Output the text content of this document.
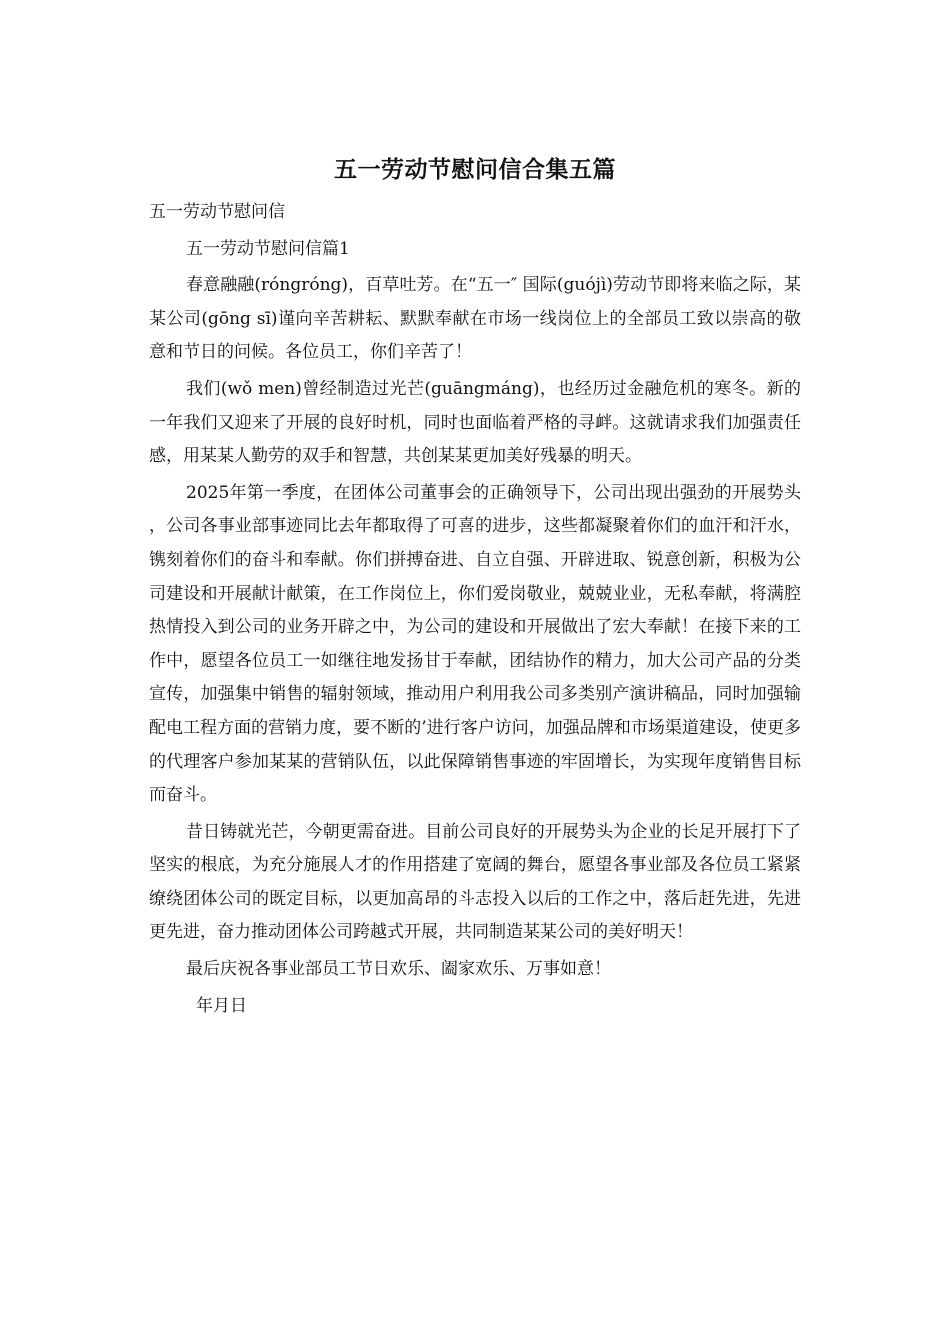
五一劳动节慰问信合集五篇

五一劳动节慰问信

五一劳动节慰问信篇1

春意融融(róngróng)，百草吐芳。在“五一″ 国际(guójì)劳动节即将来临之际，某某公司(gōng sī)谨向辛苦耕耘、默默奉献在市场一线岗位上的全部员工致以崇高的敬意和节日的问候。各位员工，你们辛苦了！

我们(wǒ men)曾经制造过光芒(guāngmáng)，也经历过金融危机的寒冬。新的一年我们又迎来了开展的良好时机，同时也面临着严格的寻衅。这就请求我们加强责任感，用某某人勤劳的双手和智慧，共创某某更加美好残暴的明天。

2025年第一季度，在团体公司董事会的正确领导下，公司出现出强劲的开展势头，公司各事业部事迹同比去年都取得了可喜的进步，这些都凝聚着你们的血汗和汗水，镌刻着你们的奋斗和奉献。你们拼搏奋进、自立自强、开辟进取、锐意创新，积极为公司建设和开展献计献策，在工作岗位上，你们爱岗敬业，兢兢业业，无私奉献，将满腔热情投入到公司的业务开辟之中，为公司的建设和开展做出了宏大奉献！在接下来的工作中，愿望各位员工一如继往地发扬甘于奉献，团结协作的精力，加大公司产品的分类宣传，加强集中销售的辐射领域，推动用户利用我公司多类别产演讲稿品，同时加强输配电工程方面的营销力度，要不断的’进行客户访问，加强品牌和市场渠道建设，使更多的代理客户参加某某的营销队伍，以此保障销售事迹的牢固增长，为实现年度销售目标而奋斗。

昔日铸就光芒，今朝更需奋进。目前公司良好的开展势头为企业的长足开展打下了坚实的根底，为充分施展人才的作用搭建了宽阔的舞台，愿望各事业部及各位员工紧紧缭绕团体公司的既定目标，以更加高昂的斗志投入以后的工作之中，落后赶先进，先进更先进，奋力推动团体公司跨越式开展，共同制造某某公司的美好明天！

最后庆祝各事业部员工节日欢乐、阖家欢乐、万事如意！

年月日
